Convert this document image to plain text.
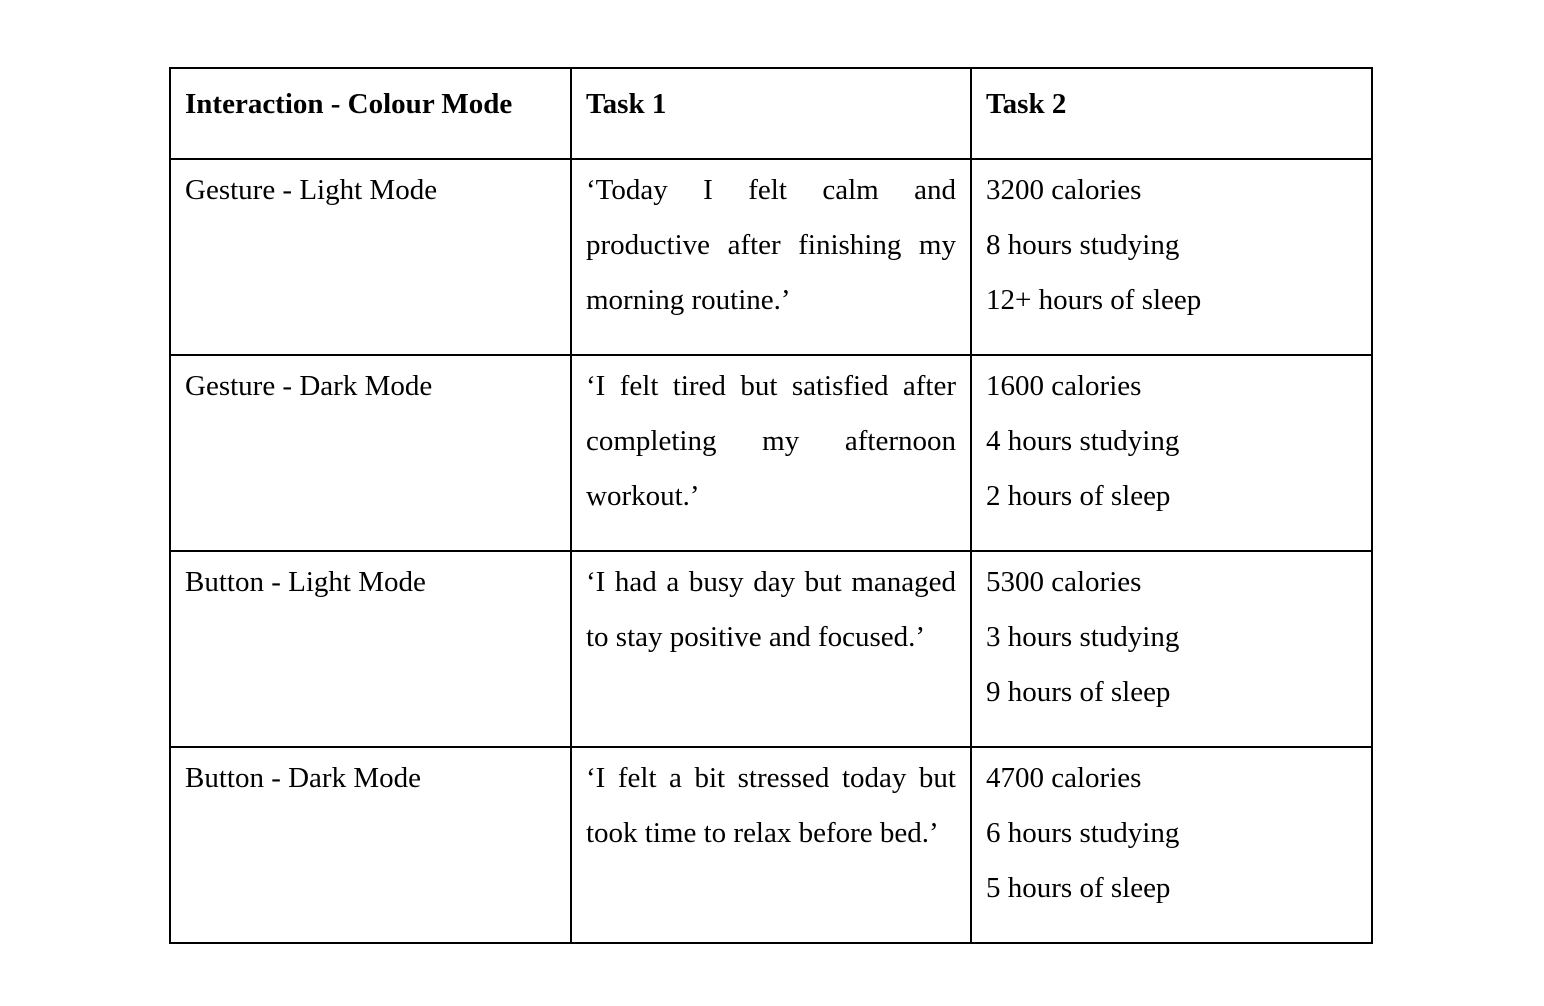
Interaction - Colour Mode	Task 1	Task 2
Gesture - Light Mode	‘Today I felt calm and productive after finishing my morning routine.’	3200 calories
8 hours studying
12+ hours of sleep

Gesture - Dark Mode	‘I felt tired but satisfied after completing my afternoon workout.’	1600 calories
4 hours studying
2 hours of sleep

Button - Light Mode	‘I had a busy day but managed to stay positive and focused.’	5300 calories
3 hours studying
9 hours of sleep

Button - Dark Mode	‘I felt a bit stressed today but took time to relax before bed.’	4700 calories
6 hours studying
5 hours of sleep
